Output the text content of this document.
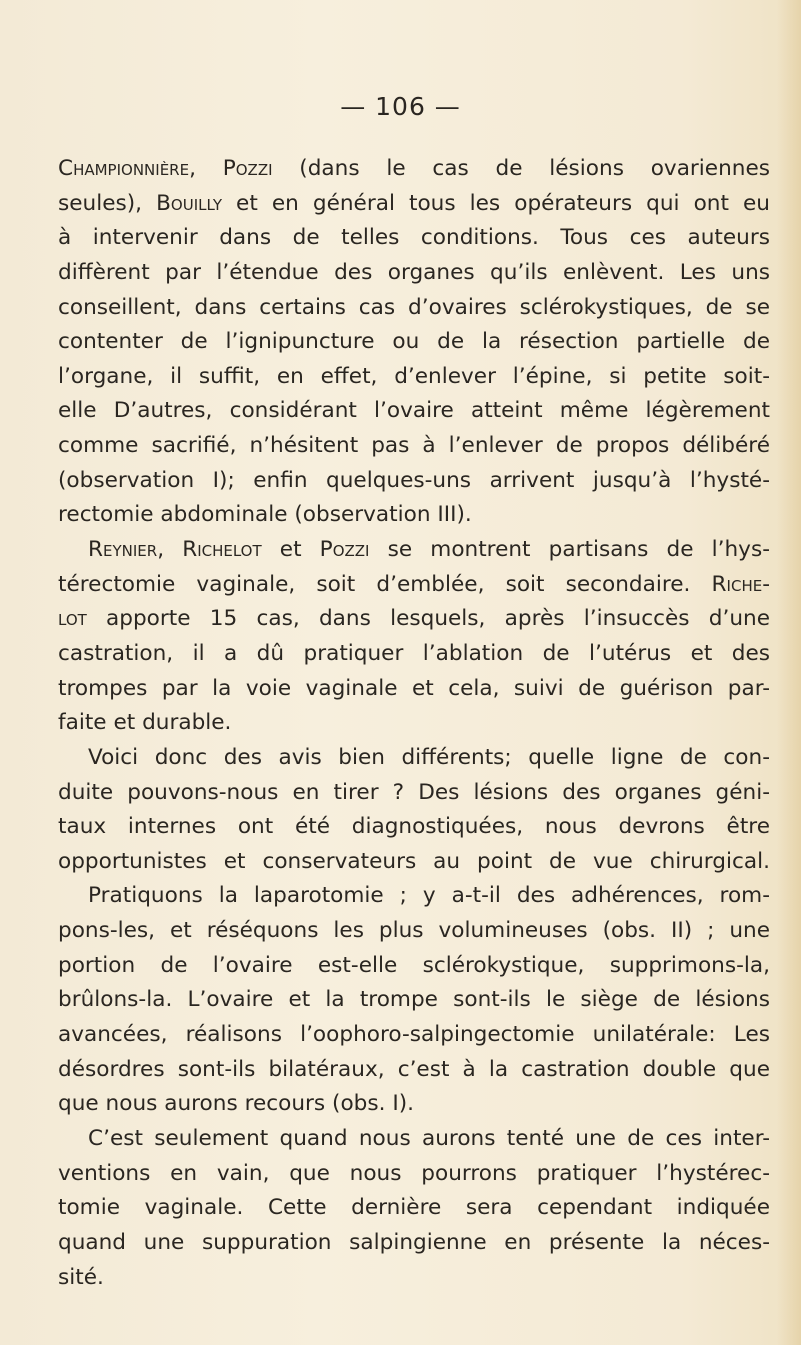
— 106 —

Championnière, Pozzi (dans le cas de lésions ovariennes
seules), Bouilly et en général tous les opérateurs qui ont eu
à intervenir dans de telles conditions. Tous ces auteurs
diffèrent par l’étendue des organes qu’ils enlèvent. Les uns
conseillent, dans certains cas d’ovaires sclérokystiques, de se
contenter de l’ignipuncture ou de la résection partielle de
l’organe, il suffit, en effet, d’enlever l’épine, si petite soit-
elle D’autres, considérant l’ovaire atteint même légèrement
comme sacrifié, n’hésitent pas à l’enlever de propos délibéré
(observation I); enfin quelques-uns arrivent jusqu’à l’hysté-
rectomie abdominale (observation III).

Reynier, Richelot et Pozzi se montrent partisans de l’hys-
térectomie vaginale, soit d’emblée, soit secondaire. Riche-
lot apporte 15 cas, dans lesquels, après l’insuccès d’une
castration, il a dû pratiquer l’ablation de l’utérus et des
trompes par la voie vaginale et cela, suivi de guérison par-
faite et durable.

Voici donc des avis bien différents; quelle ligne de con-
duite pouvons-nous en tirer ? Des lésions des organes géni-
taux internes ont été diagnostiquées, nous devrons être
opportunistes et conservateurs au point de vue chirurgical.

Pratiquons la laparotomie ; y a-t-il des adhérences, rom-
pons-les, et réséquons les plus volumineuses (obs. II) ; une
portion de l’ovaire est-elle sclérokystique, supprimons-la,
brûlons-la. L’ovaire et la trompe sont-ils le siège de lésions
avancées, réalisons l’oophoro-salpingectomie unilatérale: Les
désordres sont-ils bilatéraux, c’est à la castration double que
que nous aurons recours (obs. I).

C’est seulement quand nous aurons tenté une de ces inter-
ventions en vain, que nous pourrons pratiquer l’hystérec-
tomie vaginale. Cette dernière sera cependant indiquée
quand une suppuration salpingienne en présente la néces-
sité.
